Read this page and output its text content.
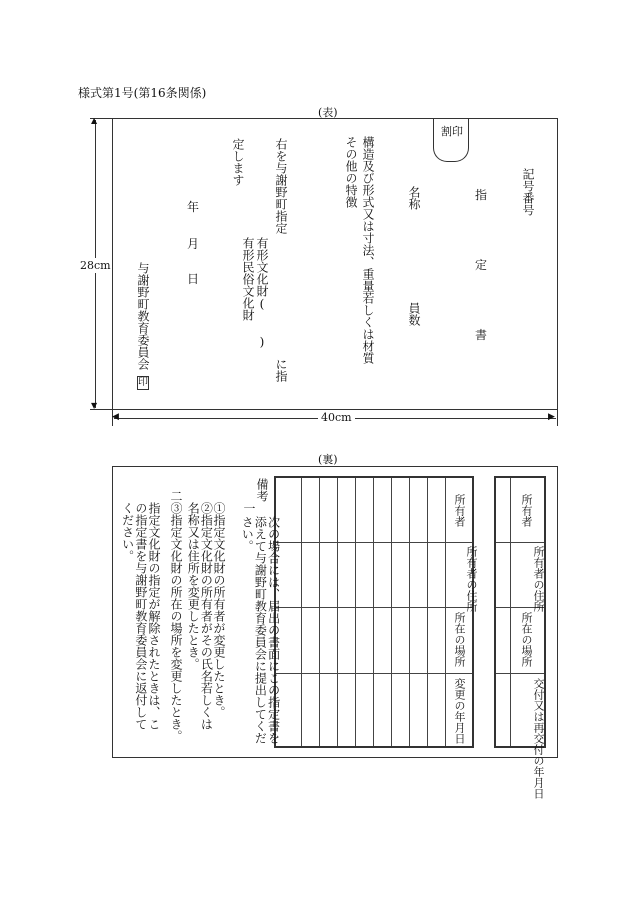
様式第1号(第16条関係)
(表)
▲
▼
28cm
◀	▶
40cm
割印
記号番号
指
定
書
名称
員数
構造及び形式又は寸法、重量若しくは材質
その他の特徴
右を与謝野町指定
に指
有形文化財(　　)
有形民俗文化財
定します
年
月
日
与謝野町教育委員会
印
(裏)

所有者
所有者の住所
所在の場所
交付又は再交付の年月日

所有者
所有者の住所
所在の場所
変更の年月日
備考
一
次の場合には、届出の書面にこの指定書を添えて与謝野町教育委員会に提出してください。
①指定文化財の所有者が変更したとき。
②指定文化財の所有者がその氏名若しくは名称又は住所を変更したとき。
③指定文化財の所在の場所を変更したとき。
二
指定文化財の指定が解除されたときは、この指定書を与謝野町教育委員会に返付してください。
